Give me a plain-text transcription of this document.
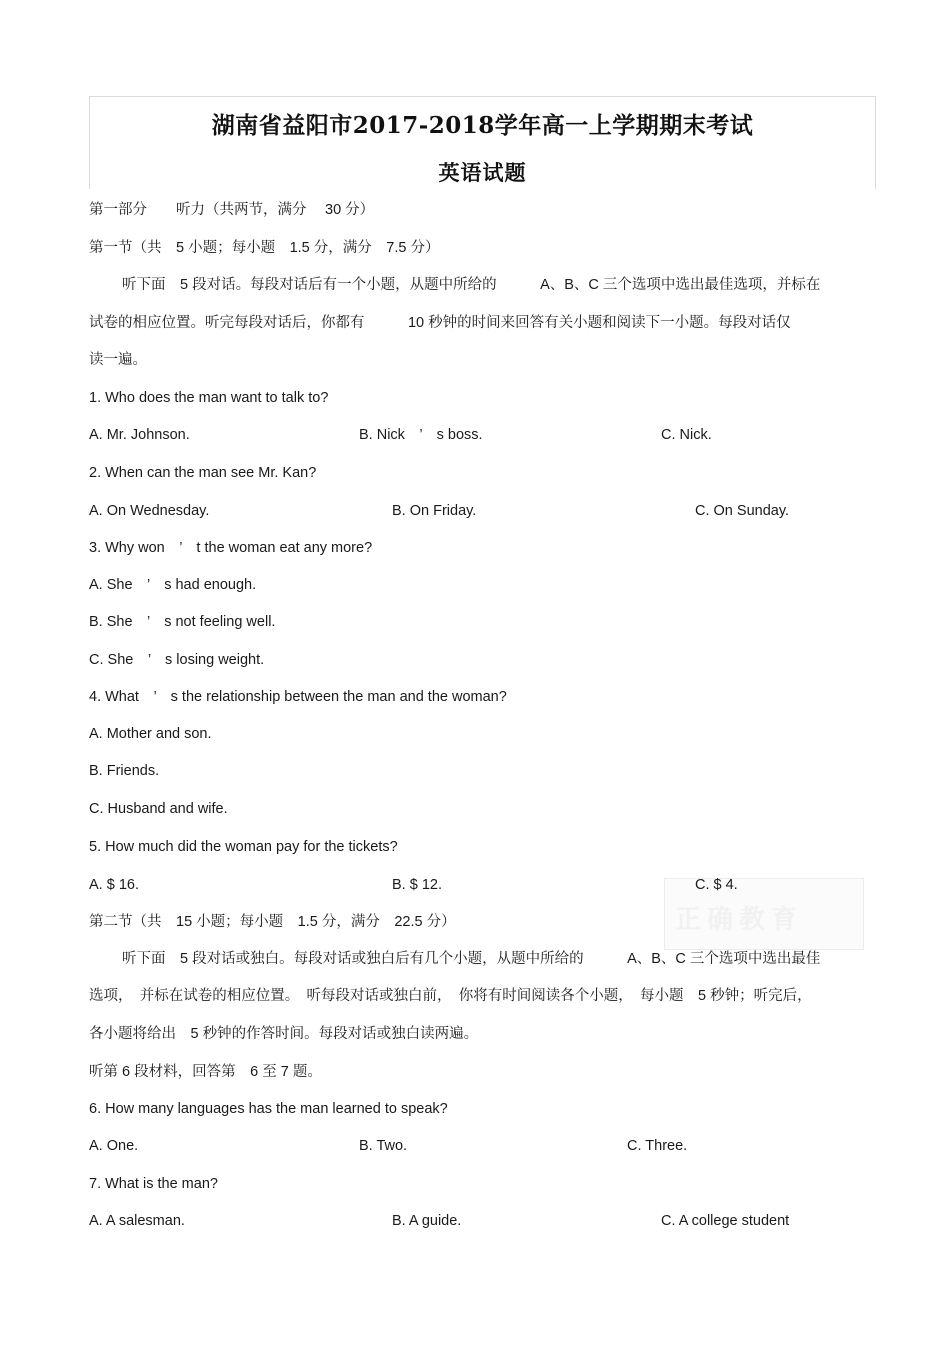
湖南省益阳市2017-2018学年高一上学期期末考试
英语试题
第一部分　　听力（共两节，满分　 30 分）
第一节（共　5 小题；每小题　1.5 分，满分　7.5 分）
听下面　5 段对话。每段对话后有一个小题，从题中所给的　　　A、B、C 三个选项中选出最佳选项，并标在
试卷的相应位置。听完每段对话后，你都有　　　10 秒钟的时间来回答有关小题和阅读下一小题。每段对话仅
读一遍。
1. Who does the man want to talk to?
A. Mr. Johnson.	B. Nick　’　s boss.	C. Nick.
2. When can the man see Mr. Kan?
A. On Wednesday.	B. On Friday.	C. On Sunday.
3. Why won　’　t the woman eat any more?
A. She　’　s had enough.
B. She　’　s not feeling well.
C. She　’　s losing weight.
4. What　’　s the relationship between the man and the woman?
A. Mother and son.
B. Friends.
C. Husband and wife.
5. How much did the woman pay for the tickets?
A. $ 16.	B. $ 12.
正确教育
C. $ 4.
第二节（共　15 小题；每小题　1.5 分，满分　22.5 分）
听下面　5 段对话或独白。每段对话或独白后有几个小题，从题中所给的　　　A、B、C 三个选项中选出最佳
选项，　并标在试卷的相应位置。　听每段对话或独白前，　你将有时间阅读各个小题，　每小题　5 秒钟；听完后，
各小题将给出　5 秒钟的作答时间。每段对话或独白读两遍。
听第 6 段材料，回答第　6 至 7 题。
6. How many languages has the man learned to speak?
A. One.	B. Two.	C. Three.
7. What is the man?
A. A salesman.	B. A guide.	C. A college student
